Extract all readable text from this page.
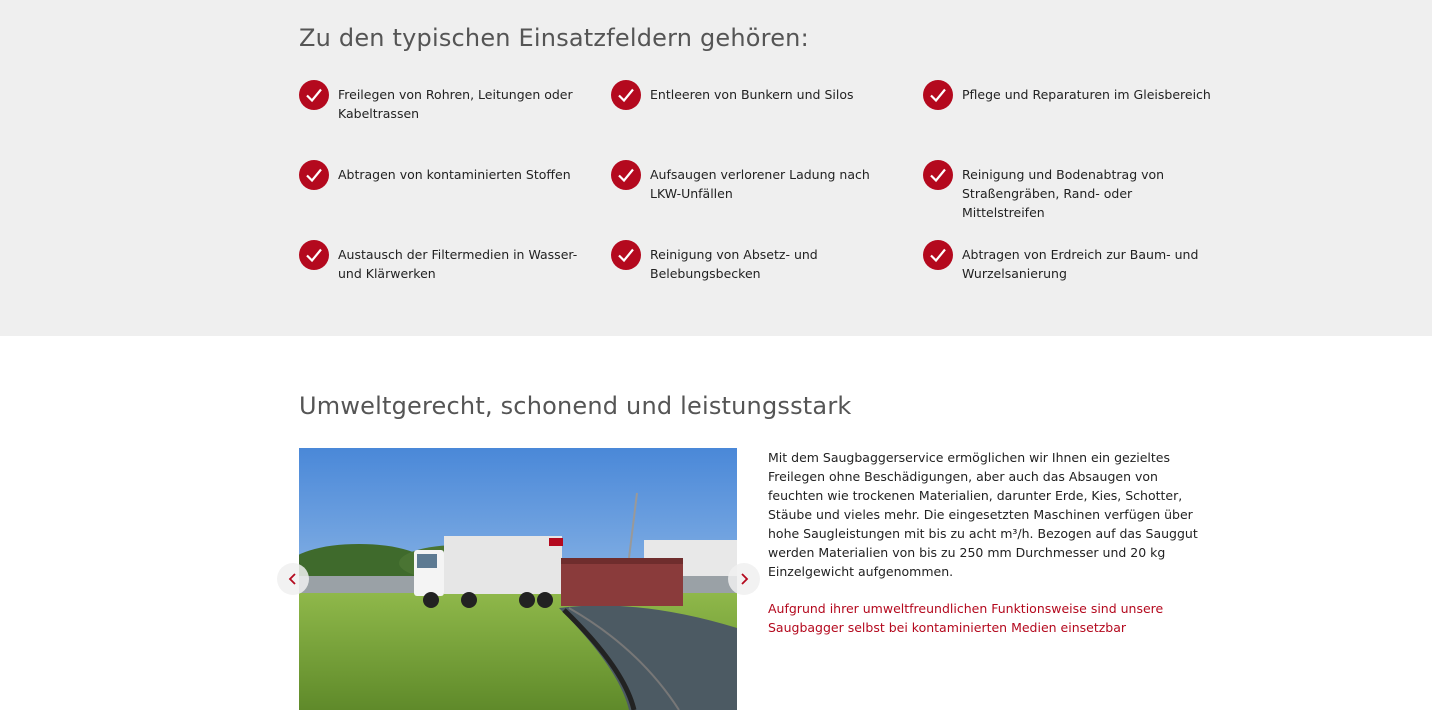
Zu den typischen Einsatzfeldern gehören:
Freilegen von Rohren, Leitungen oder Kabeltrassen
Entleeren von Bunkern und Silos	Pflege und Reparaturen im Gleisbereich
Abtragen von kontaminierten Stoffen	Aufsaugen verlorener Ladung nach LKW-Unfällen
Reinigung und Bodenabtrag von Straßengräben, Rand- oder Mittelstreifen
Austausch der Filtermedien in Wasser- und Klärwerken
Reinigung von Absetz- und Belebungsbecken
Abtragen von Erdreich zur Baum- und Wurzelsanierung
Umweltgerecht, schonend und leistungsstark

Mit dem Saugbaggerservice ermöglichen wir Ihnen ein gezieltes Freilegen ohne Beschädigungen, aber auch das Absaugen von feuchten wie trockenen Materialien, darunter Erde, Kies, Schotter, Stäube und vieles mehr. Die eingesetzten Maschinen verfügen über hohe Saugleistungen mit bis zu acht m³/h. Bezogen auf das Sauggut werden Materialien von bis zu 250 mm Durchmesser und 20 kg Einzelgewicht aufgenommen.

Aufgrund ihrer umweltfreundlichen Funktionsweise sind unsere Saugbagger selbst bei kontaminierten Medien einsetzbar
